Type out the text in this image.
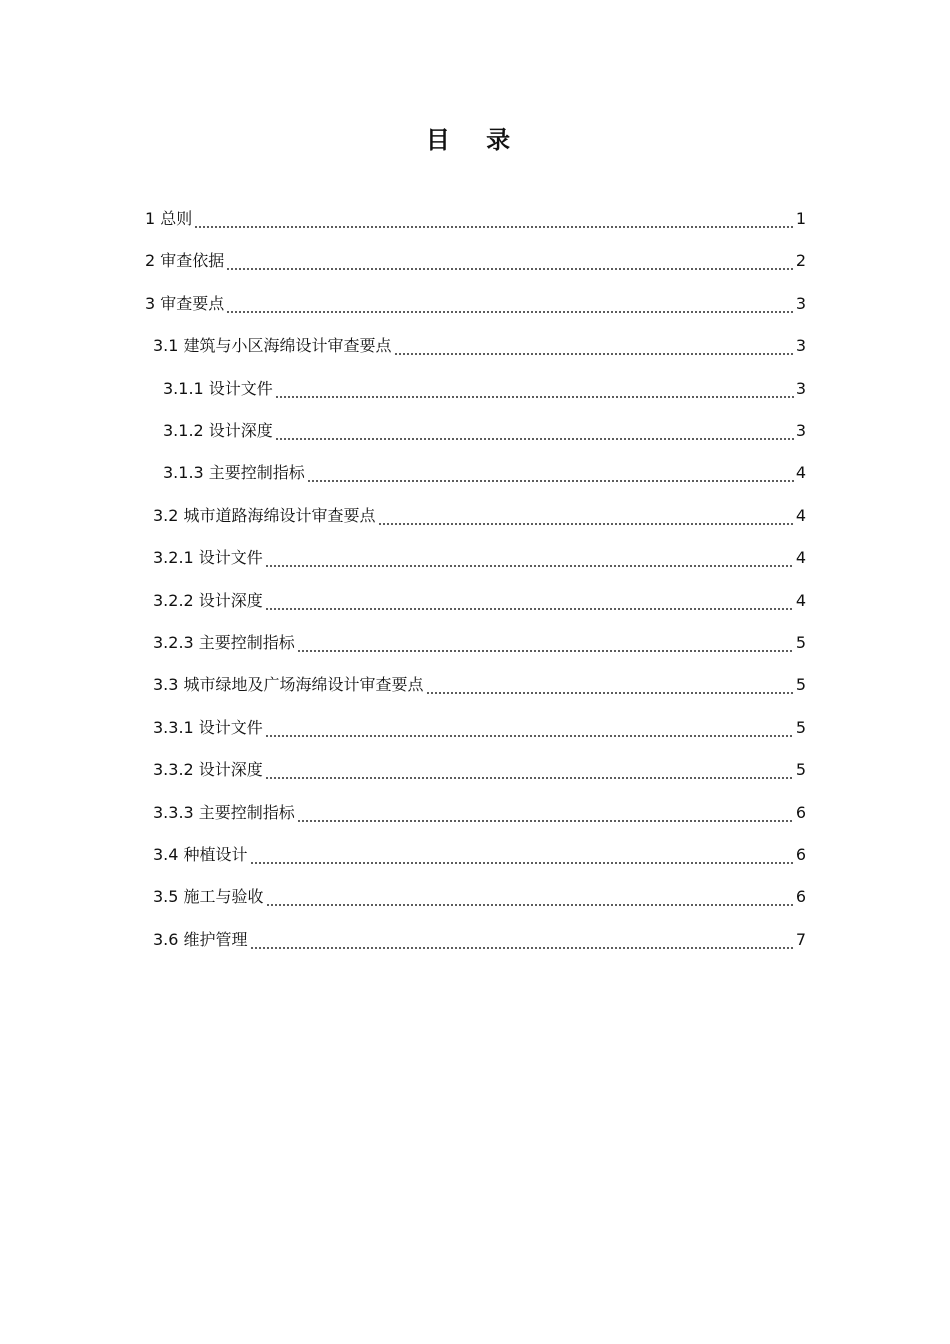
目 录
1 总则	1
2 审查依据	2
3 审查要点	3
3.1 建筑与小区海绵设计审查要点	3
3.1.1 设计文件	3
3.1.2 设计深度	3
3.1.3 主要控制指标	4
3.2 城市道路海绵设计审查要点	4
3.2.1 设计文件	4
3.2.2 设计深度	4
3.2.3 主要控制指标	5
3.3 城市绿地及广场海绵设计审查要点	5
3.3.1 设计文件	5
3.3.2 设计深度	5
3.3.3 主要控制指标	6
3.4 种植设计	6
3.5 施工与验收	6
3.6 维护管理	7
